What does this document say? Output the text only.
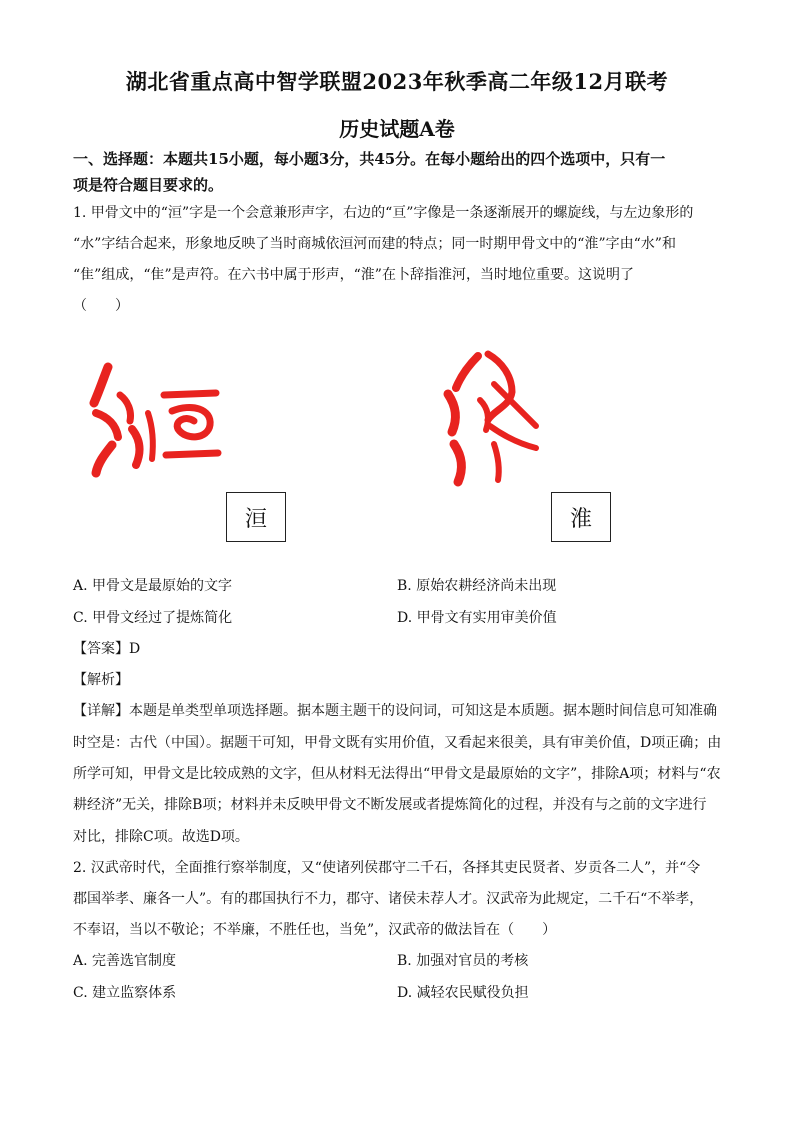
湖北省重点高中智学联盟2023年秋季高二年级12月联考
历史试题A卷
一、选择题：本题共15小题，每小题3分，共45分。在每小题给出的四个选项中，只有一
项是符合题目要求的。
1. 甲骨文中的“洹”字是一个会意兼形声字，右边的“亘”字像是一条逐渐展开的螺旋线，与左边象形的
“水”字结合起来，形象地反映了当时商城依洹河而建的特点；同一时期甲骨文中的“淮”字由“水”和
“隹”组成，“隹”是声符。在六书中属于形声，“淮”在卜辞指淮河，当时地位重要。这说明了
（　　）
洹	淮
A. 甲骨文是最原始的文字	B. 原始农耕经济尚未出现
C. 甲骨文经过了提炼简化	D. 甲骨文有实用审美价值
【答案】D
【解析】
【详解】本题是单类型单项选择题。据本题主题干的设问词，可知这是本质题。据本题时间信息可知准确
时空是：古代（中国）。据题干可知，甲骨文既有实用价值，又看起来很美，具有审美价值，D项正确；由
所学可知，甲骨文是比较成熟的文字，但从材料无法得出“甲骨文是最原始的文字”，排除A项；材料与“农
耕经济”无关，排除B项；材料并未反映甲骨文不断发展或者提炼简化的过程，并没有与之前的文字进行
对比，排除C项。故选D项。
2. 汉武帝时代，全面推行察举制度，又“使诸列侯郡守二千石，各择其吏民贤者、岁贡各二人”，并“令
郡国举孝、廉各一人”。有的郡国执行不力，郡守、诸侯未荐人才。汉武帝为此规定，二千石“不举孝，
不奉诏，当以不敬论；不举廉，不胜任也，当免”，汉武帝的做法旨在（　　）
A. 完善选官制度	B. 加强对官员的考核
C. 建立监察体系	D. 减轻农民赋役负担
